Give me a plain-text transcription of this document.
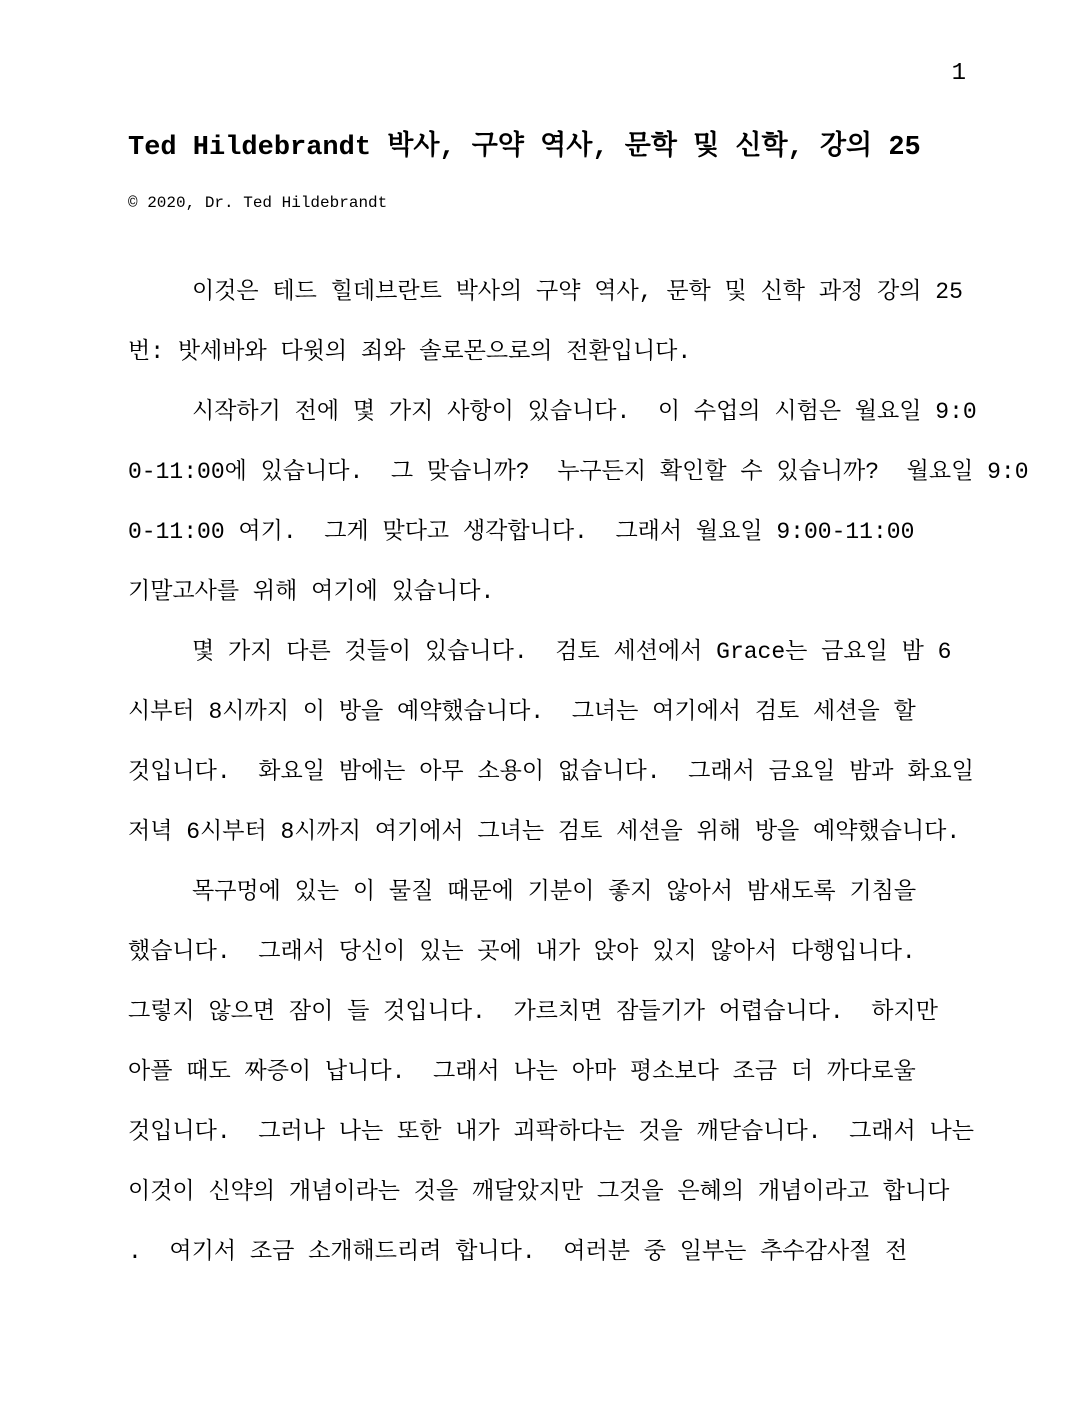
1
Ted Hildebrandt 박사, 구약 역사, 문학 및 신학, 강의 25
© 2020, Dr. Ted Hildebrandt
이것은 테드 힐데브란트 박사의 구약 역사, 문학 및 신학 과정 강의 25
번: 밧세바와 다윗의 죄와 솔로몬으로의 전환입니다.
시작하기 전에 몇 가지 사항이 있습니다.  이 수업의 시험은 월요일 9:0
0-11:00에 있습니다.  그 맞습니까?  누구든지 확인할 수 있습니까?  월요일 9:0
0-11:00 여기.  그게 맞다고 생각합니다.  그래서 월요일 9:00-11:00
기말고사를 위해 여기에 있습니다.
몇 가지 다른 것들이 있습니다.  검토 세션에서 Grace는 금요일 밤 6
시부터 8시까지 이 방을 예약했습니다.  그녀는 여기에서 검토 세션을 할
것입니다.  화요일 밤에는 아무 소용이 없습니다.  그래서 금요일 밤과 화요일
저녁 6시부터 8시까지 여기에서 그녀는 검토 세션을 위해 방을 예약했습니다.
목구멍에 있는 이 물질 때문에 기분이 좋지 않아서 밤새도록 기침을
했습니다.  그래서 당신이 있는 곳에 내가 앉아 있지 않아서 다행입니다.
그렇지 않으면 잠이 들 것입니다.  가르치면 잠들기가 어렵습니다.  하지만
아플 때도 짜증이 납니다.  그래서 나는 아마 평소보다 조금 더 까다로울
것입니다.  그러나 나는 또한 내가 괴팍하다는 것을 깨닫습니다.  그래서 나는
이것이 신약의 개념이라는 것을 깨달았지만 그것을 은혜의 개념이라고 합니다
.  여기서 조금 소개해드리려 합니다.  여러분 중 일부는 추수감사절 전
